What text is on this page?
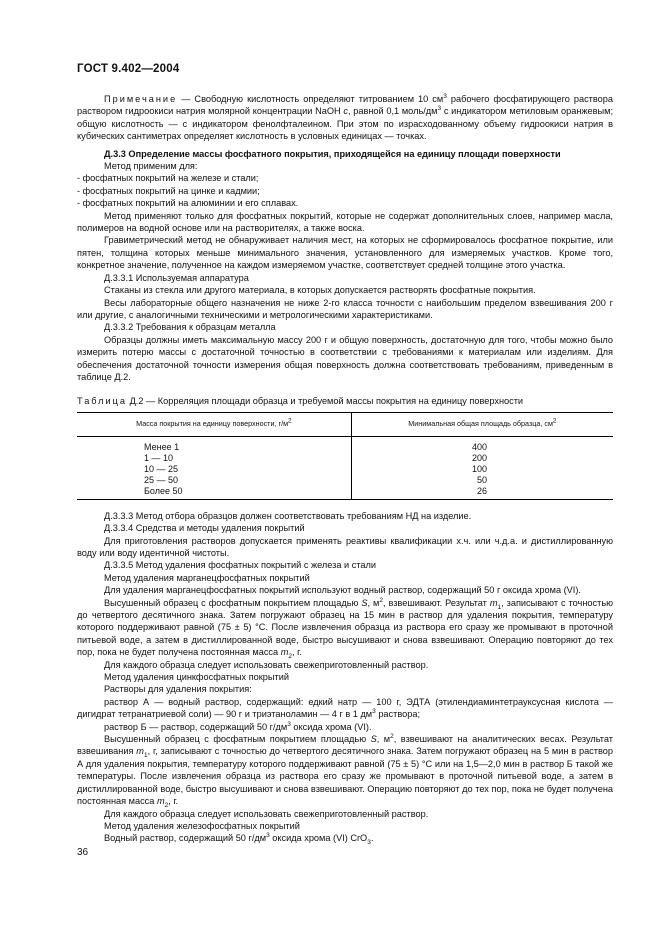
ГОСТ 9.402—2004

Примечание — Свободную кислотность определяют титрованием 10 $см^3$ рабочего фосфатирующего раствора раствором гидроокиси натрия молярной концентрации NaOH c, равной 0,1 моль/$дм^3$ с индикатором метиловым оранжевым; общую кислотность — с индикатором фенолфталеином. При этом по израсходованному объему гидроокиси натрия в кубических сантиметрах определяет кислотность в условных единицах — точках.

Д.3.3 Определение массы фосфатного покрытия, приходящейся на единицу площади поверхности

Метод применим для:

- фосфатных покрытий на железе и стали;

- фосфатных покрытий на цинке и кадмии;

- фосфатных покрытий на алюминии и его сплавах.

Метод применяют только для фосфатных покрытий, которые не содержат дополнительных слоев, например масла, полимеров на водной основе или на растворителях, а также воска.

Гравиметрический метод не обнаруживает наличия мест, на которых не сформировалось фосфатное покрытие, или пятен, толщина которых меньше минимального значения, установленного для измеряемых участков. Кроме того, конкретное значение, полученное на каждом измеряемом участке, соответствует средней толщине этого участка.

Д.3.3.1 Используемая аппаратура

Стаканы из стекла или другого материала, в которых допускается растворять фосфатные покрытия.

Весы лабораторные общего назначения не ниже 2-го класса точности с наибольшим пределом взвешивания 200 г или другие, с аналогичными техническими и метрологическими характеристиками.

Д.3.3.2 Требования к образцам металла

Образцы должны иметь максимальную массу 200 г и общую поверхность, достаточную для того, чтобы можно было измерить потерю массы с достаточной точностью в соответствии с требованиями к материалам или изделиям. Для обеспечения достаточной точности измерения общая поверхность должна соответствовать требованиям, приведенным в таблице Д.2.

Таблица Д.2 — Корреляция площади образца и требуемой массы покрытия на единицу поверхности

Масса покрытия на единицу поверхности, $г/м^2$	Минимальная общая площадь образца, $см^2$
Менее 1	400
1 — 10	200
10 — 25	100
25 — 50	50
Более 50	26

Д.3.3.3 Метод отбора образцов должен соответствовать требованиям НД на изделие.

Д.3.3.4 Средства и методы удаления покрытий

Для приготовления растворов допускается применять реактивы квалификации х.ч. или ч.д.а. и дистиллированную воду или воду идентичной чистоты.

Д.3.3.5 Метод удаления фосфатных покрытий с железа и стали

Метод удаления марганецфосфатных покрытий

Для удаления марганецфосфатных покрытий используют водный раствор, содержащий 50 г оксида хрома (VI).

Высушенный образец с фосфатным покрытием площадью S, $м^2$, взвешивают. Результат $m_1$, записывают с точностью до четвертого десятичного знака. Затем погружают образец на 15 мин в раствор для удаления покрытия, температуру которого поддерживают равной (75 ± 5) °С. После извлечения образца из раствора его сразу же промывают в проточной питьевой воде, а затем в дистиллированной воде, быстро высушивают и снова взвешивают. Операцию повторяют до тех пор, пока не будет получена постоянная масса $m_2$, г.

Для каждого образца следует использовать свежеприготовленный раствор.

Метод удаления цинкфосфатных покрытий

Растворы для удаления покрытия:

раствор А — водный раствор, содержащий: едкий натр — 100 г, ЭДТА (этилендиаминтетрауксусная кислота — дигидрат тетранатриевой соли) — 90 г и триэтаноламин — 4 г в 1 $дм^3$ раствора;

раствор Б — раствор, содержащий 50 $г/дм^3$ оксида хрома (VI).

Высушенный образец с фосфатным покрытием площадью S, $м^2$, взвешивают на аналитических весах. Результат взвешивания $m_1$, г, записывают с точностью до четвертого десятичного знака. Затем погружают образец на 5 мин в раствор А для удаления покрытия, температуру которого поддерживают равной (75 ± 5) °С или на 1,5—2,0 мин в раствор Б такой же температуры. После извлечения образца из раствора его сразу же промывают в проточной питьевой воде, а затем в дистиллированной воде, быстро высушивают и снова взвешивают. Операцию повторяют до тех пор, пока не будет получена постоянная масса $m_2$, г.

Для каждого образца следует использовать свежеприготовленный раствор.

Метод удаления железофосфатных покрытий

Водный раствор, содержащий 50 $г/дм^3$ оксида хрома (VI) CrO$_3$.

36
